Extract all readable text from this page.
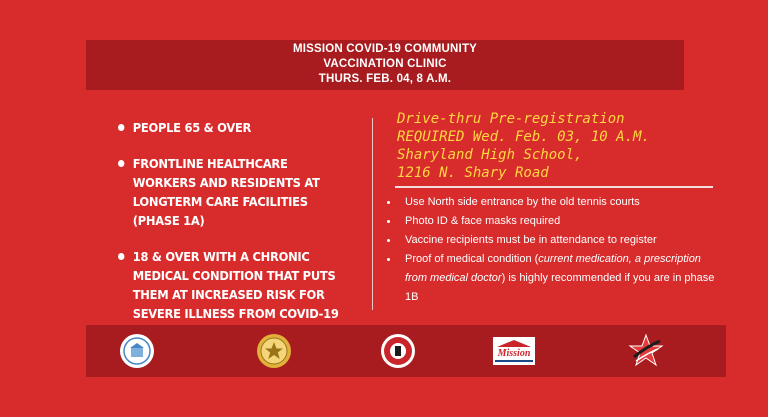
MISSION COVID-19 COMMUNITY
VACCINATION CLINIC
THURS. FEB. 04, 8 A.M.
PEOPLE 65 & OVER
FRONTLINE HEALTHCARE WORKERS AND RESIDENTS AT LONGTERM CARE FACILITIES (PHASE 1A)
18 & OVER WITH A CHRONIC MEDICAL CONDITION THAT PUTS THEM AT INCREASED RISK FOR SEVERE ILLNESS FROM COVID-19
Drive-thru Pre-registration
REQUIRED Wed. Feb. 03, 10 A.M.
Sharyland High School,
1216 N. Shary Road
Use North side entrance by the old tennis courts
Photo ID & face masks required
Vaccine recipients must be in attendance to register
Proof of medical condition (current medication, a prescription from medical doctor) is highly recommended if you are in phase 1B
Mission
